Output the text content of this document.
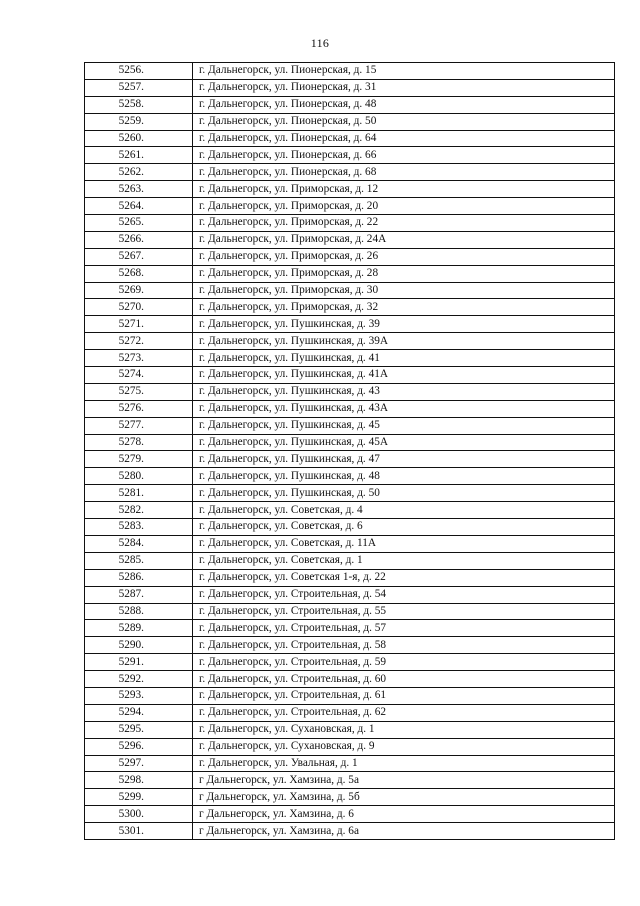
116
5256.	г. Дальнегорск, ул. Пионерская, д. 15
5257.	г. Дальнегорск, ул. Пионерская, д. 31
5258.	г. Дальнегорск, ул. Пионерская, д. 48
5259.	г. Дальнегорск, ул. Пионерская, д. 50
5260.	г. Дальнегорск, ул. Пионерская, д. 64
5261.	г. Дальнегорск, ул. Пионерская, д. 66
5262.	г. Дальнегорск, ул. Пионерская, д. 68
5263.	г. Дальнегорск, ул. Приморская, д. 12
5264.	г. Дальнегорск, ул. Приморская, д. 20
5265.	г. Дальнегорск, ул. Приморская, д. 22
5266.	г. Дальнегорск, ул. Приморская, д. 24А
5267.	г. Дальнегорск, ул. Приморская, д. 26
5268.	г. Дальнегорск, ул. Приморская, д. 28
5269.	г. Дальнегорск, ул. Приморская, д. 30
5270.	г. Дальнегорск, ул. Приморская, д. 32
5271.	г. Дальнегорск, ул. Пушкинская, д. 39
5272.	г. Дальнегорск, ул. Пушкинская, д. 39А
5273.	г. Дальнегорск, ул. Пушкинская, д. 41
5274.	г. Дальнегорск, ул. Пушкинская, д. 41А
5275.	г. Дальнегорск, ул. Пушкинская, д. 43
5276.	г. Дальнегорск, ул. Пушкинская, д. 43А
5277.	г. Дальнегорск, ул. Пушкинская, д. 45
5278.	г. Дальнегорск, ул. Пушкинская, д. 45А
5279.	г. Дальнегорск, ул. Пушкинская, д. 47
5280.	г. Дальнегорск, ул. Пушкинская, д. 48
5281.	г. Дальнегорск, ул. Пушкинская, д. 50
5282.	г. Дальнегорск, ул. Советская, д. 4
5283.	г. Дальнегорск, ул. Советская, д. 6
5284.	г. Дальнегорск, ул. Советская, д. 11А
5285.	г. Дальнегорск, ул. Советская, д. 1
5286.	г. Дальнегорск, ул. Советская 1-я, д. 22
5287.	г. Дальнегорск, ул. Строительная, д. 54
5288.	г. Дальнегорск, ул. Строительная, д. 55
5289.	г. Дальнегорск, ул. Строительная, д. 57
5290.	г. Дальнегорск, ул. Строительная, д. 58
5291.	г. Дальнегорск, ул. Строительная, д. 59
5292.	г. Дальнегорск, ул. Строительная, д. 60
5293.	г. Дальнегорск, ул. Строительная, д. 61
5294.	г. Дальнегорск, ул. Строительная, д. 62
5295.	г. Дальнегорск, ул. Сухановская, д. 1
5296.	г. Дальнегорск, ул. Сухановская, д. 9
5297.	г. Дальнегорск, ул. Увальная, д. 1
5298.	г Дальнегорск, ул. Хамзина, д. 5а
5299.	г Дальнегорск, ул. Хамзина, д. 5б
5300.	г Дальнегорск, ул. Хамзина, д. 6
5301.	г Дальнегорск, ул. Хамзина, д. 6а
